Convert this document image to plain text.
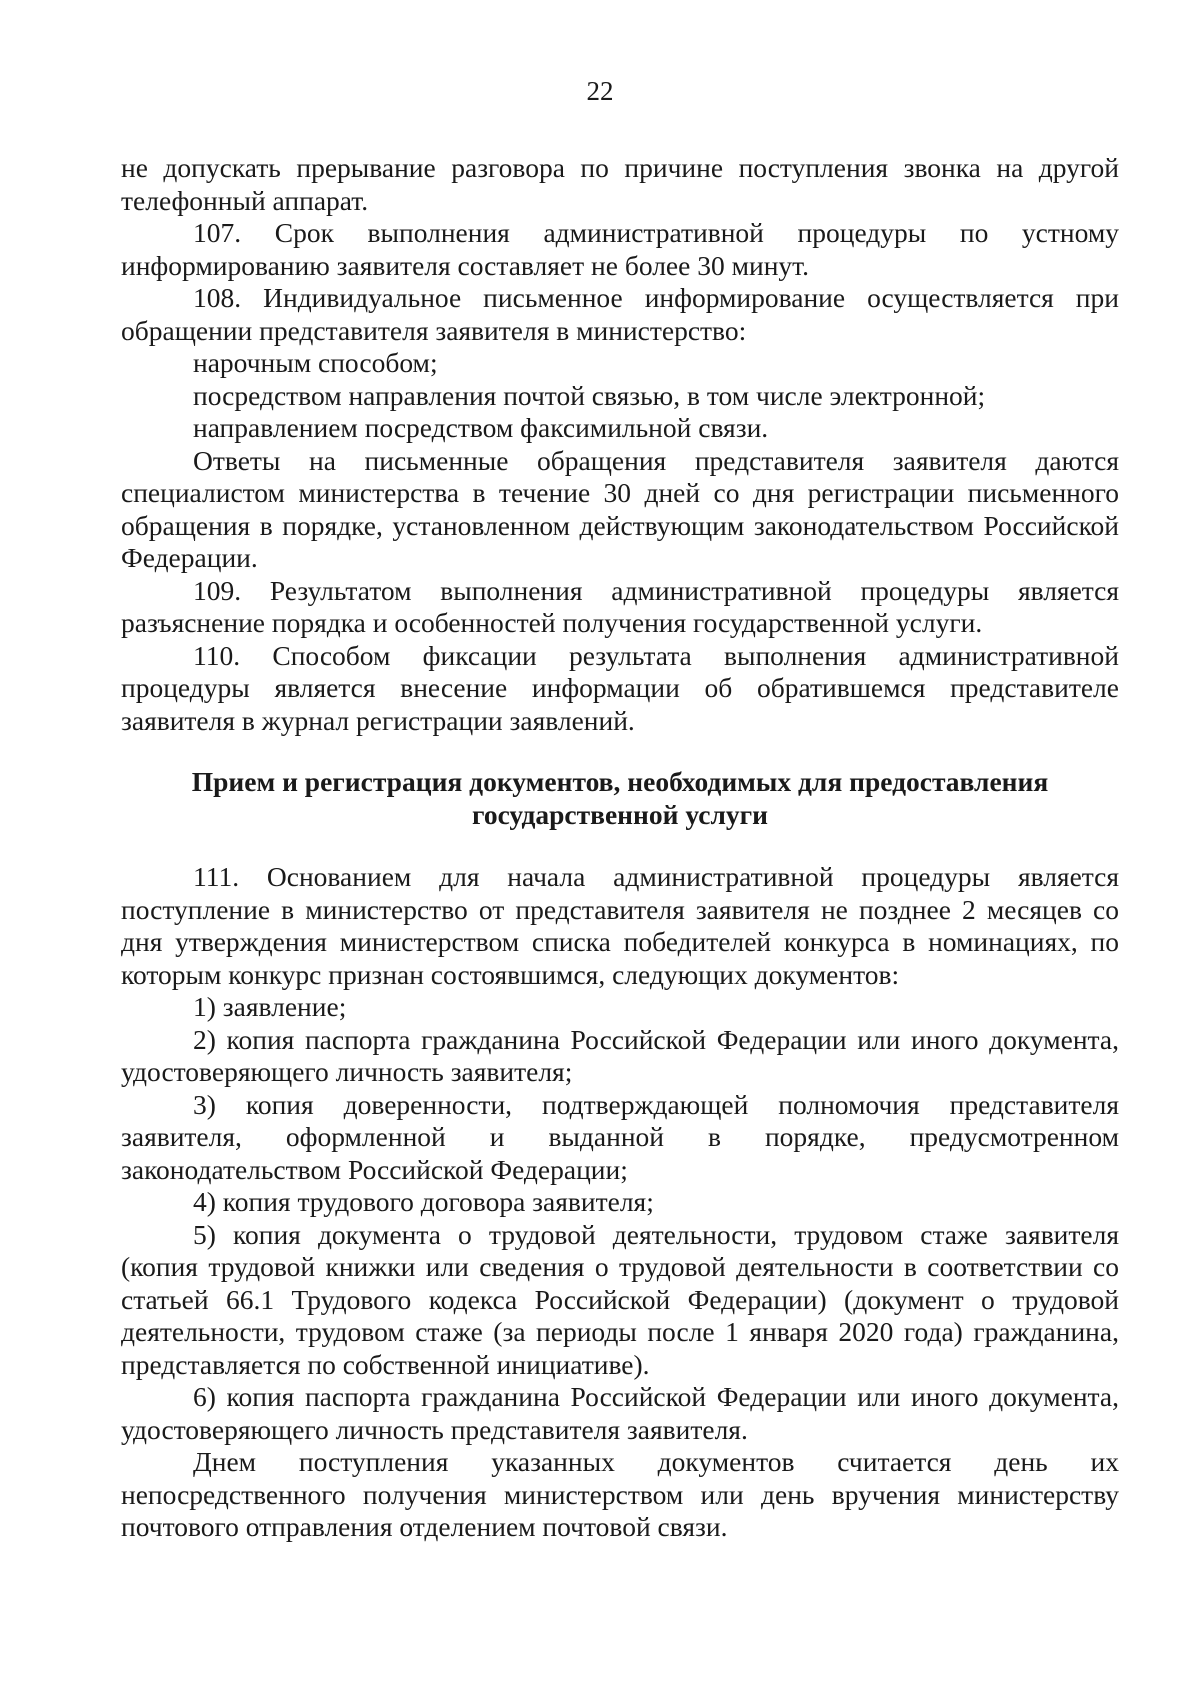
22

не допускать прерывание разговора по причине поступления звонка на другой телефонный аппарат.

107. Срок выполнения административной процедуры по устному информированию заявителя составляет не более 30 минут.

108. Индивидуальное письменное информирование осуществляется при обращении представителя заявителя в министерство:

нарочным способом;

посредством направления почтой связью, в том числе электронной;

направлением посредством факсимильной связи.

Ответы на письменные обращения представителя заявителя даются специалистом министерства в течение 30 дней со дня регистрации письменного обращения в порядке, установленном действующим законодательством Российской Федерации.

109. Результатом выполнения административной процедуры является разъяснение порядка и особенностей получения государственной услуги.

110. Способом фиксации результата выполнения административной процедуры является внесение информации об обратившемся представителе заявителя в журнал регистрации заявлений.

Прием и регистрация документов, необходимых для предоставления
государственной услуги

111. Основанием для начала административной процедуры является поступление в министерство от представителя заявителя не позднее 2 месяцев со дня утверждения министерством списка победителей конкурса в номинациях, по которым конкурс признан состоявшимся, следующих документов:

1) заявление;

2) копия паспорта гражданина Российской Федерации или иного документа, удостоверяющего личность заявителя;

3) копия доверенности, подтверждающей полномочия представителя заявителя, оформленной и выданной в порядке, предусмотренном законодательством Российской Федерации;

4) копия трудового договора заявителя;

5) копия документа о трудовой деятельности, трудовом стаже заявителя (копия трудовой книжки или сведения о трудовой деятельности в соответствии со статьей 66.1 Трудового кодекса Российской Федерации) (документ о трудовой деятельности, трудовом стаже (за периоды после 1 января 2020 года) гражданина, представляется по собственной инициативе).

6) копия паспорта гражданина Российской Федерации или иного документа, удостоверяющего личность представителя заявителя.

Днем поступления указанных документов считается день их непосредственного получения министерством или день вручения министерству почтового отправления отделением почтовой связи.
